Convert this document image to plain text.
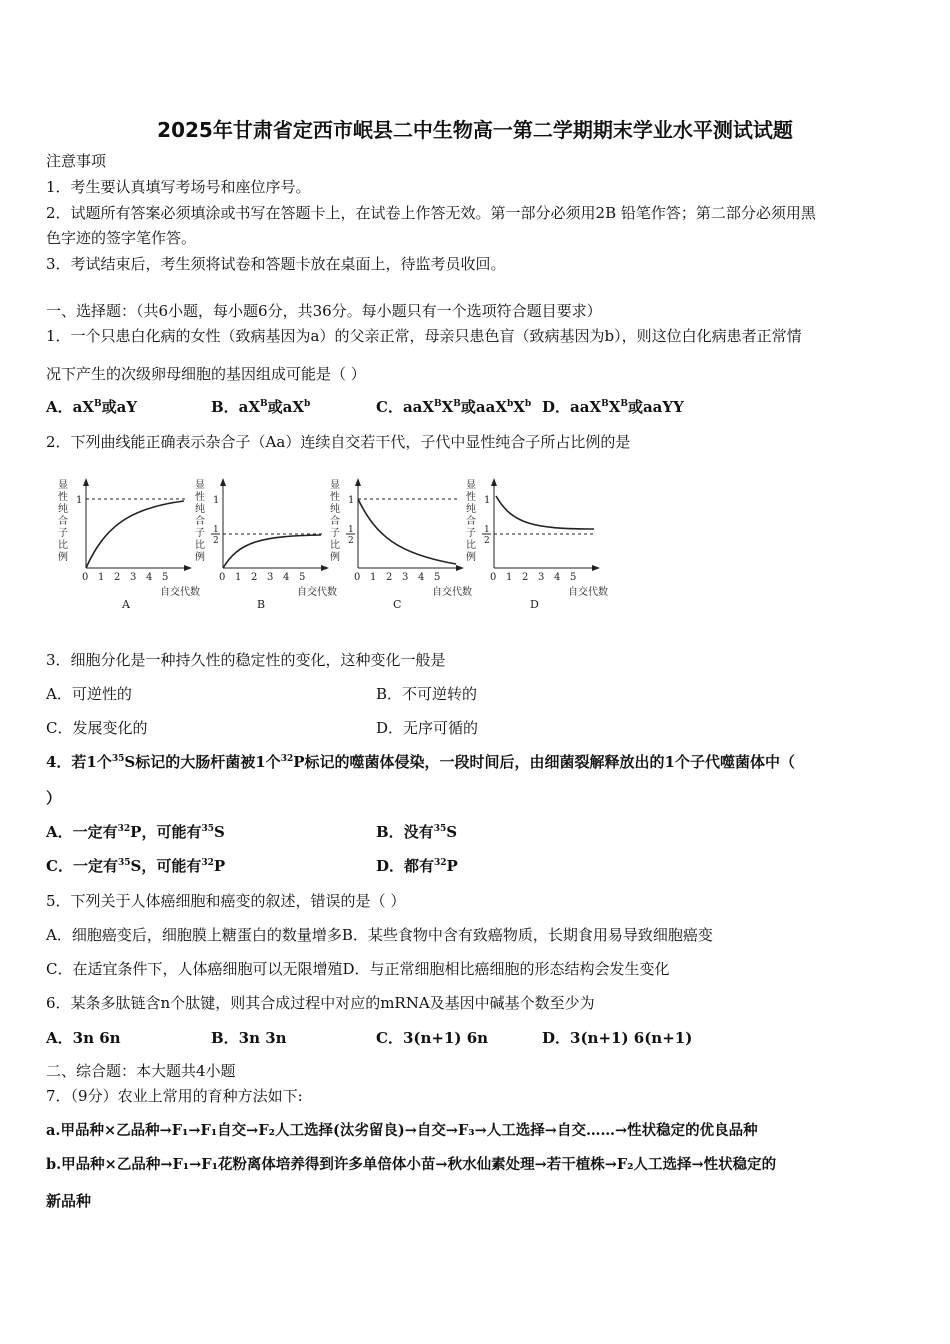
2025年甘肃省定西市岷县二中生物高一第二学期期末学业水平测试试题
注意事项
1．考生要认真填写考场号和座位序号。
2．试题所有答案必须填涂或书写在答题卡上，在试卷上作答无效。第一部分必须用2B 铅笔作答；第二部分必须用黑
色字迹的签字笔作答。
3．考试结束后，考生须将试卷和答题卡放在桌面上，待监考员收回。
一、选择题：（共6小题，每小题6分，共36分。每小题只有一个选项符合题目要求）
1．一个只患白化病的女性（致病基因为a）的父亲正常，母亲只患色盲（致病基因为b），则这位白化病患者正常情
况下产生的次级卵母细胞的基因组成可能是（ ）
A．$aX^B$或aY	B．$aX^B$或$aX^b$	C．$aaX^BX^B$或$aaX^bX^b$ D．$aaX^BX^B$或aaYY
2．下列曲线能正确表示杂合子（Aa）连续自交若干代，子代中显性纯合子所占比例的是
显
性
纯
合
子
比
例
1
0 1 2 3 4 5
自交代数
A
显
性
纯
合
子
比
例
1
1
2
0 1 2 3 4 5
自交代数
B
显
性
纯
合
子
比
例
1
1
2
0 1 2 3 4 5
自交代数
C
显
性
纯
合
子
比
例
1
1
2
0 1 2 3 4 5
自交代数
D
3．细胞分化是一种持久性的稳定性的变化，这种变化一般是
A．可逆性的	B．不可逆转的
C．发展变化的	D．无序可循的
4．若1个$^{35}$S标记的大肠杆菌被1个$^{32}$P标记的噬菌体侵染，一段时间后，由细菌裂解释放出的1个子代噬菌体中（
）
A．一定有$^{32}$P，可能有$^{35}$S	B．没有$^{35}$S
C．一定有$^{35}$S，可能有$^{32}$P	D．都有$^{32}$P
5．下列关于人体癌细胞和癌变的叙述，错误的是（ ）
A．细胞癌变后，细胞膜上糖蛋白的数量增多B．某些食物中含有致癌物质，长期食用易导致细胞癌变
C．在适宜条件下，人体癌细胞可以无限增殖D．与正常细胞相比癌细胞的形态结构会发生变化
6．某条多肽链含n个肽键，则其合成过程中对应的mRNA及基因中碱基个数至少为
A．3n 6n	B．3n 3n	C．3(n+1) 6n	D．3(n+1) 6(n+1)
二、综合题：本大题共4小题
7．（9分）农业上常用的育种方法如下:
a.甲品种×乙品种→F₁→F₁自交→F₂人工选择(汰劣留良)→自交→F₃→人工选择→自交……→性状稳定的优良品种
b.甲品种×乙品种→F₁→F₁花粉离体培养得到许多单倍体小苗→秋水仙素处理→若干植株→F₂人工选择→性状稳定的
新品种
